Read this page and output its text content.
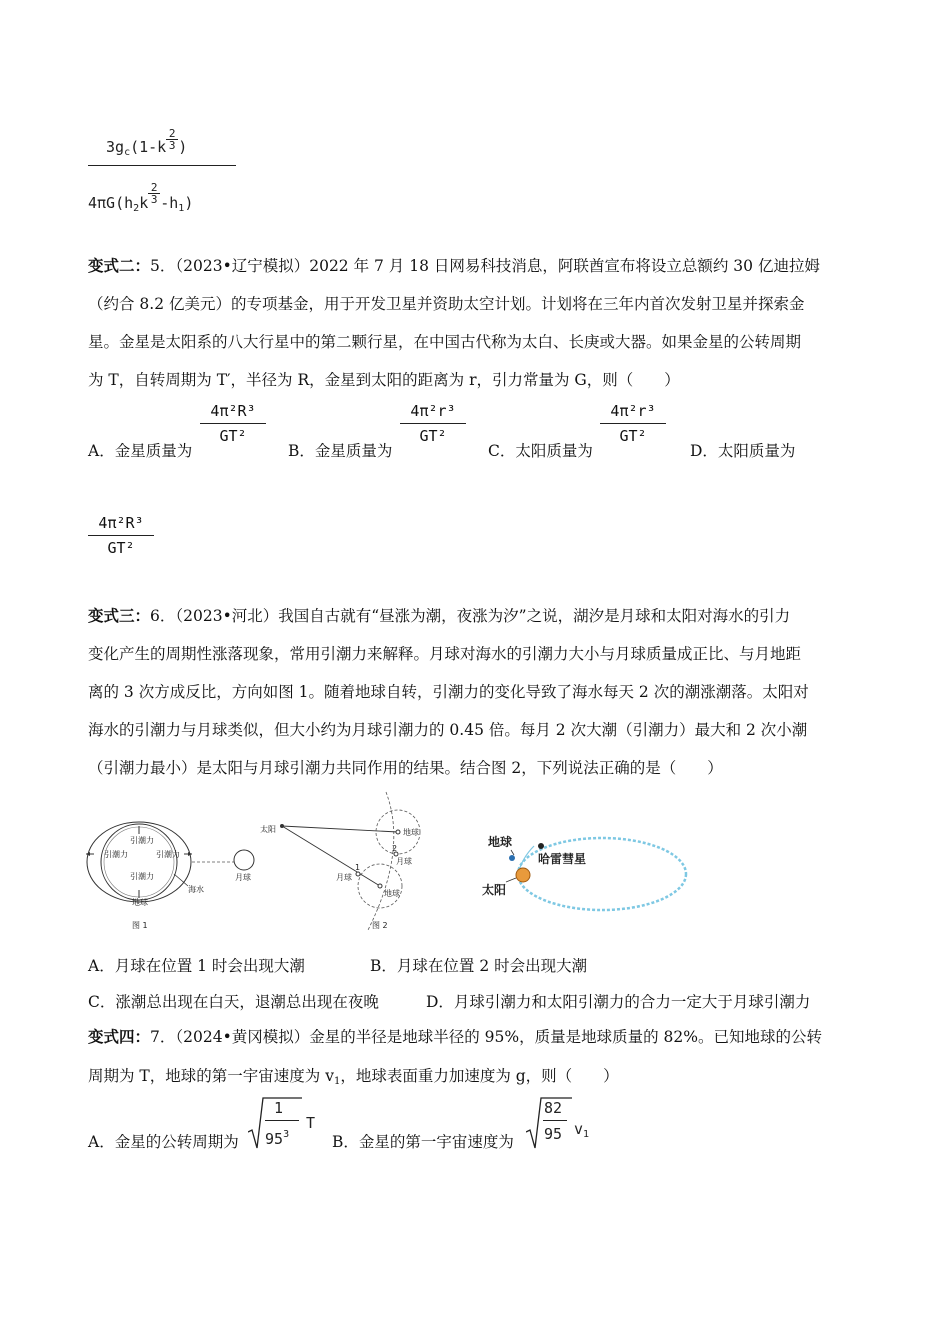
$3g_c(1-k$
2

3 )
$4\pi G(h_2k$
2

3 $-h_1$)
变式二：5．（2023•辽宁模拟）2022 年 7 月 18 日网易科技消息，阿联酋宣布将设立总额约 30 亿迪拉姆
（约合 8.2 亿美元）的专项基金，用于开发卫星并资助太空计划。计划将在三年内首次发射卫星并探索金
星。金星是太阳系的八大行星中的第二颗行星，在中国古代称为太白、长庚或大器。如果金星的公转周期
为 T，自转周期为 T′，半径为 R，金星到太阳的距离为 r，引力常量为 G，则（　　）
A．金星质量为
4π²R³
GT²
B．金星质量为
4π²r³
GT²
C．太阳质量为
4π²r³
GT²
D．太阳质量为
4π²R³
GT²
变式三：6．（2023•河北）我国自古就有“昼涨为潮，夜涨为汐”之说，湖汐是月球和太阳对海水的引力
变化产生的周期性涨落现象，常用引潮力来解释。月球对海水的引潮力大小与月球质量成正比、与月地距
离的 3 次方成反比，方向如图 1。随着地球自转，引潮力的变化导致了海水每天 2 次的潮涨潮落。太阳对
海水的引潮力与月球类似，但大小约为月球引潮力的 0.45 倍。每月 2 次大潮（引潮力）最大和 2 次小潮
（引潮力最小）是太阳与月球引潮力共同作用的结果。结合图 2，下列说法正确的是（　　）
引潮力
引潮力	引潮力
引潮力
海水
地球
月球
图 1
太阳	地球
2
月球
1
月球
地球
图 2
地球
哈雷彗星
太阳
A．月球在位置 1 时会出现大潮	B．月球在位置 2 时会出现大潮
C．涨潮总出现在白天，退潮总出现在夜晚	D．月球引潮力和太阳引潮力的合力一定大于月球引潮力
变式四：7．（2024•黄冈模拟）金星的半径是地球半径的 95%，质量是地球质量的 82%。已知地球的公转
周期为 T，地球的第一宇宙速度为 $v_1$，地球表面重力加速度为 g，则（　　）
A．金星的公转周期为
1
$95^3$
T
B．金星的第一宇宙速度为
82
95 $v_1$
